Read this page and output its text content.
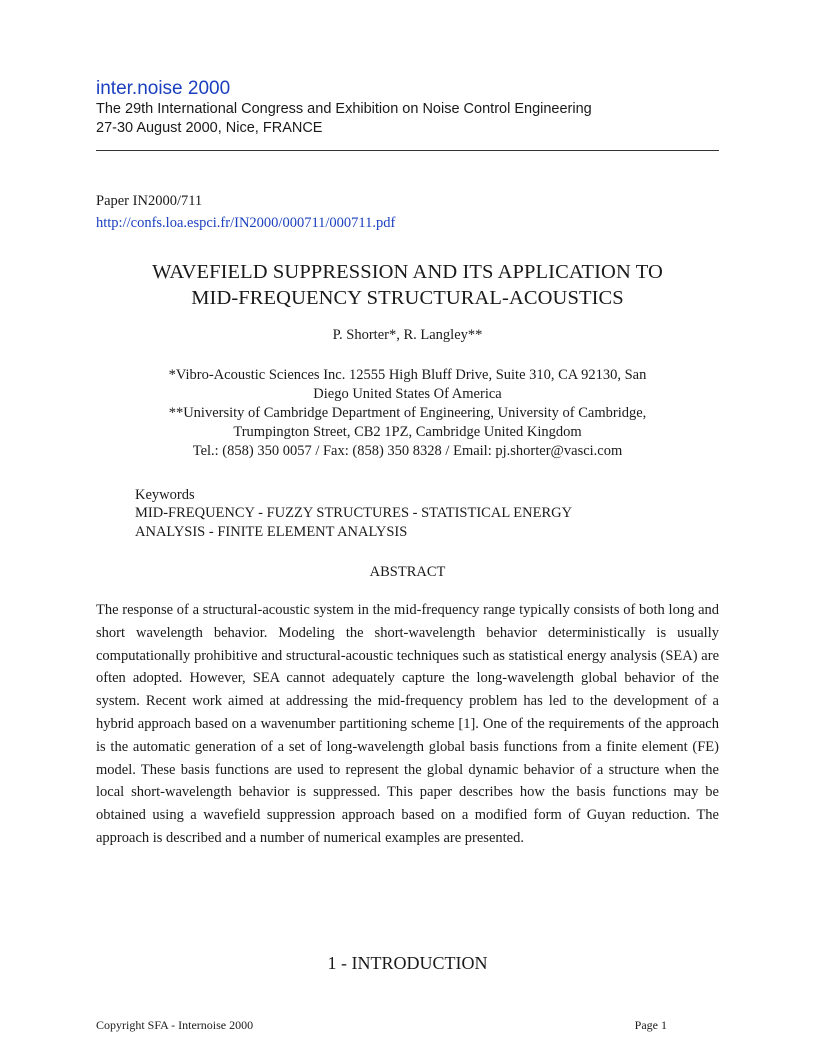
inter.noise 2000
The 29th International Congress and Exhibition on Noise Control Engineering
27-30 August 2000, Nice, FRANCE
Paper IN2000/711
http://confs.loa.espci.fr/IN2000/000711/000711.pdf
WAVEFIELD SUPPRESSION AND ITS APPLICATION TO
MID-FREQUENCY STRUCTURAL-ACOUSTICS
P. Shorter*, R. Langley**
*Vibro-Acoustic Sciences Inc. 12555 High Bluff Drive, Suite 310, CA 92130, San
Diego United States Of America
**University of Cambridge Department of Engineering, University of Cambridge,
Trumpington Street, CB2 1PZ, Cambridge United Kingdom
Tel.: (858) 350 0057 / Fax: (858) 350 8328 / Email: pj.shorter@vasci.com
Keywords
MID-FREQUENCY - FUZZY STRUCTURES - STATISTICAL ENERGY
ANALYSIS - FINITE ELEMENT ANALYSIS
ABSTRACT

The response of a structural-acoustic system in the mid-frequency range typically consists of both long and short wavelength behavior. Modeling the short-wavelength behavior deterministically is usually computationally prohibitive and structural-acoustic techniques such as statistical energy analysis (SEA) are often adopted. However, SEA cannot adequately capture the long-wavelength global behavior of the system. Recent work aimed at addressing the mid-frequency problem has led to the development of a hybrid approach based on a wavenumber partitioning scheme [1]. One of the requirements of the approach is the automatic generation of a set of long-wavelength global basis functions from a finite element (FE) model. These basis functions are used to represent the global dynamic behavior of a structure when the local short-wavelength behavior is suppressed. This paper describes how the basis functions may be obtained using a wavefield suppression approach based on a modified form of Guyan reduction. The approach is described and a number of numerical examples are presented.

1 - INTRODUCTION
Copyright SFA - Internoise 2000	Page 1
